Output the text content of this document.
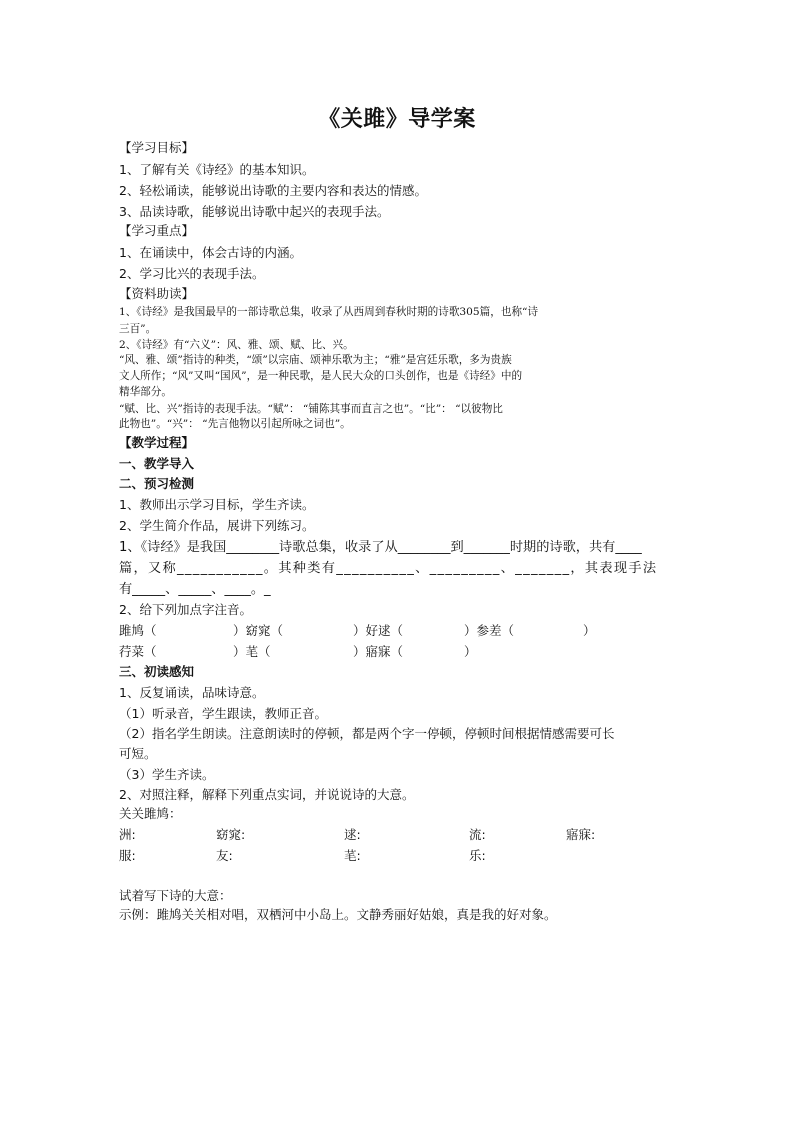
《关雎》导学案
【学习目标】
1、了解有关《诗经》的基本知识。
2、轻松诵读，能够说出诗歌的主要内容和表达的情感。
3、品读诗歌，能够说出诗歌中起兴的表现手法。
【学习重点】
1、在诵读中，体会古诗的内涵。
2、学习比兴的表现手法。
【资料助读】
1、《诗经》是我国最早的一部诗歌总集，收录了从西周到春秋时期的诗歌305篇，也称“诗
三百”。
2、《诗经》有“六义”：风、雅、颂、赋、比、兴。
“风、雅、颂”指诗的种类，“颂”以宗庙、颂神乐歌为主；“雅”是宫廷乐歌，多为贵族
文人所作；“风”又叫“国风”，是一种民歌，是人民大众的口头创作，也是《诗经》中的
精华部分。
“赋、比、兴”指诗的表现手法。“赋”： “铺陈其事而直言之也”。“比”： “以彼物比
此物也”。“兴”： “先言他物以引起所咏之词也”。
【教学过程】
一、教学导入
二、预习检测
1、教师出示学习目标，学生齐读。
2、学生简介作品，展讲下列练习。
1、《诗经》是我国________诗歌总集，收录了从________到_______时期的诗歌，共有____
篇，又称___________。其种类有__________、_________、_______，其表现手法
有_____、_____、____。_
2、给下列加点字注音。
雎鸠（	）窈窕（	）好逑（	）参差（	）
荇菜（	）芼（	）寤寐（	）
三、初读感知
1、反复诵读，品味诗意。
（1）听录音，学生跟读，教师正音。
（2）指名学生朗读。注意朗读时的停顿，都是两个字一停顿，停顿时间根据情感需要可长
可短。
（3）学生齐读。
2、对照注释，解释下列重点实词，并说说诗的大意。
关关雎鸠：
洲:	窈窕:	逑:	流:	寤寐:
服:	友:	芼:	乐:
试着写下诗的大意：
示例：雎鸠关关相对唱，双栖河中小岛上。文静秀丽好姑娘，真是我的好对象。
